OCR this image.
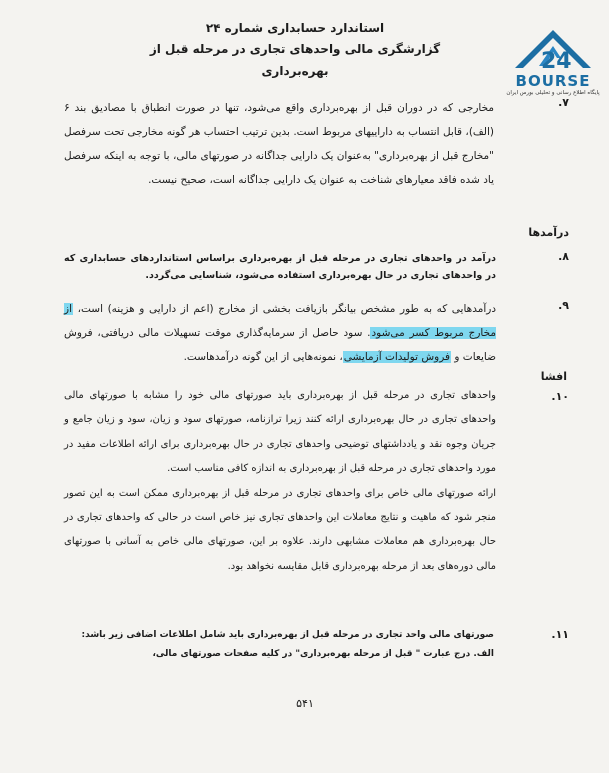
استاندارد حسابداری شماره ۲۴
گزارشگری مالی واحدهای تجاری در مرحله قبل از بهره‌برداری	24
BOURSE
پایگاه اطلاع رسانی و تحلیلی بورس ایران
۷.
مخارجی که در دوران قبل از بهره‌برداری واقع می‌شود، تنها در صورت انطباق با مصادیق بند ۶ (الف)، قابل انتساب به داراییهای مربوط است. بدین ترتیب احتساب هر گونه مخارجی تحت سرفصل "مخارج قبل از بهره‌برداری" به‌عنوان یک دارایی جداگانه در صورتهای مالی، با توجه به اینکه سرفصل یاد شده فاقد معیارهای شناخت به عنوان یک دارایی جداگانه است، صحیح نیست.
درآمدها
۸.
درآمد در واحدهای تجاری در مرحله قبل از بهره‌برداری براساس استانداردهای حسابداری که در واحدهای تجاری در حال بهره‌برداری استفاده می‌شود، شناسایی می‌گردد.
۹.
درآمدهایی که به طور مشخص بیانگر بازیافت بخشی از مخارج (اعم از دارایی و هزینه) است، از مخارج مربوط کسر می‌شود. سود حاصل از سرمایه‌گذاری موقت تسهیلات مالی دریافتی، فروش ضایعات و فروش تولیدات آزمایشی، نمونه‌هایی از این گونه درآمدهاست.
افشا
۱۰.
واحدهای تجاری در مرحله قبل از بهره‌برداری باید صورتهای مالی خود را مشابه با صورتهای مالی واحدهای تجاری در حال بهره‌برداری ارائه کنند زیرا ترازنامه، صورتهای سود و زیان، سود و زیان جامع و جریان وجوه نقد و یادداشتهای توضیحی واحدهای تجاری در حال بهره‌برداری برای ارائه اطلاعات مفید در مورد واحدهای تجاری در مرحله قبل از بهره‌برداری به اندازه کافی مناسب است.
ارائه صورتهای مالی خاص برای واحدهای تجاری در مرحله قبل از بهره‌برداری ممکن است به این تصور منجر شود که ماهیت و نتایج معاملات این واحدهای تجاری نیز خاص است در حالی که واحدهای تجاری در حال بهره‌برداری هم معاملات مشابهی دارند. علاوه بر این، صورتهای مالی خاص به آسانی با صورتهای مالی دوره‌های بعد از مرحله بهره‌برداری قابل مقایسه نخواهد بود.
۱۱.
صورتهای مالی واحد تجاری در مرحله قبل از بهره‌برداری باید شامل اطلاعات اضافی زیر باشد:
الف. درج عبارت " قبل از مرحله بهره‌برداری" در کلیه صفحات صورتهای مالی،
۵۴۱
